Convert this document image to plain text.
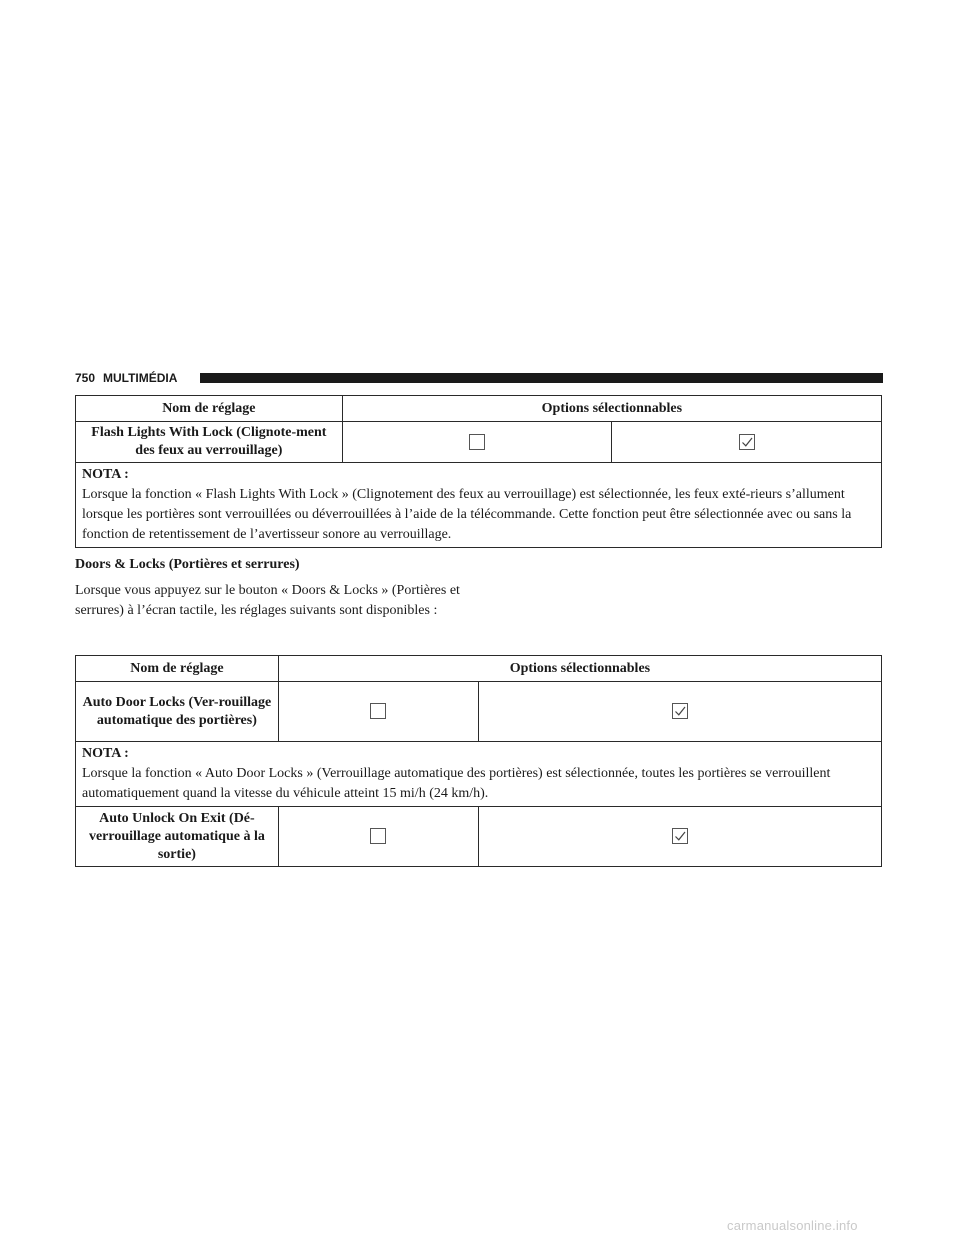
750 MULTIMÉDIA
Nom de réglage	Options sélectionnables	
Flash Lights With Lock (Clignote-ment des feux au verrouillage)	

NOTA :
Lorsque la fonction « Flash Lights With Lock » (Clignotement des feux au verrouillage) est sélectionnée, les feux exté-rieurs s’allument lorsque les portières sont verrouillées ou déverrouillées à l’aide de la télécommande. Cette fonction peut être sélectionnée avec ou sans la fonction de retentissement de l’avertisseur sonore au verrouillage.		
Doors & Locks (Portières et serrures)
Lorsque vous appuyez sur le bouton « Doors & Locks » (Portières et serrures) à l’écran tactile, les réglages suivants sont disponibles :
Nom de réglage	Options sélectionnables	
Auto Door Locks (Ver-rouillage automatique des portières)	

NOTA :
Lorsque la fonction « Auto Door Locks » (Verrouillage automatique des portières) est sélectionnée, toutes les portières se verrouillent automatiquement quand la vitesse du véhicule atteint 15 mi/h (24 km/h).		
Auto Unlock On Exit (Dé-verrouillage automatique à la sortie)	

carmanualsonline.info
